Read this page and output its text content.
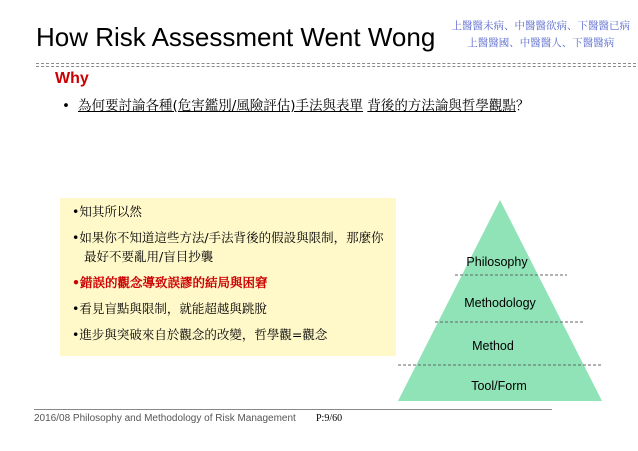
How Risk Assessment Went Wong 上醫醫未病、中醫醫欲病、下醫醫已病
上醫醫國、中醫醫人、下醫醫病
Why
• 為何要討論各種(危害鑑別/風險評估)手法與表單 背後的方法論與哲學觀點？
•知其所以然
•如果你不知道這些方法/手法背後的假設與限制，那麼你最好不要亂用/盲目抄襲
•錯誤的觀念導致誤謬的結局與困窘
•看見盲點與限制，就能超越與跳脫
•進步與突破來自於觀念的改變，哲學觀=觀念
Philosophy
Methodology
Method
Tool/Form
2016/08 Philosophy and Methodology of Risk Management P:9/60
